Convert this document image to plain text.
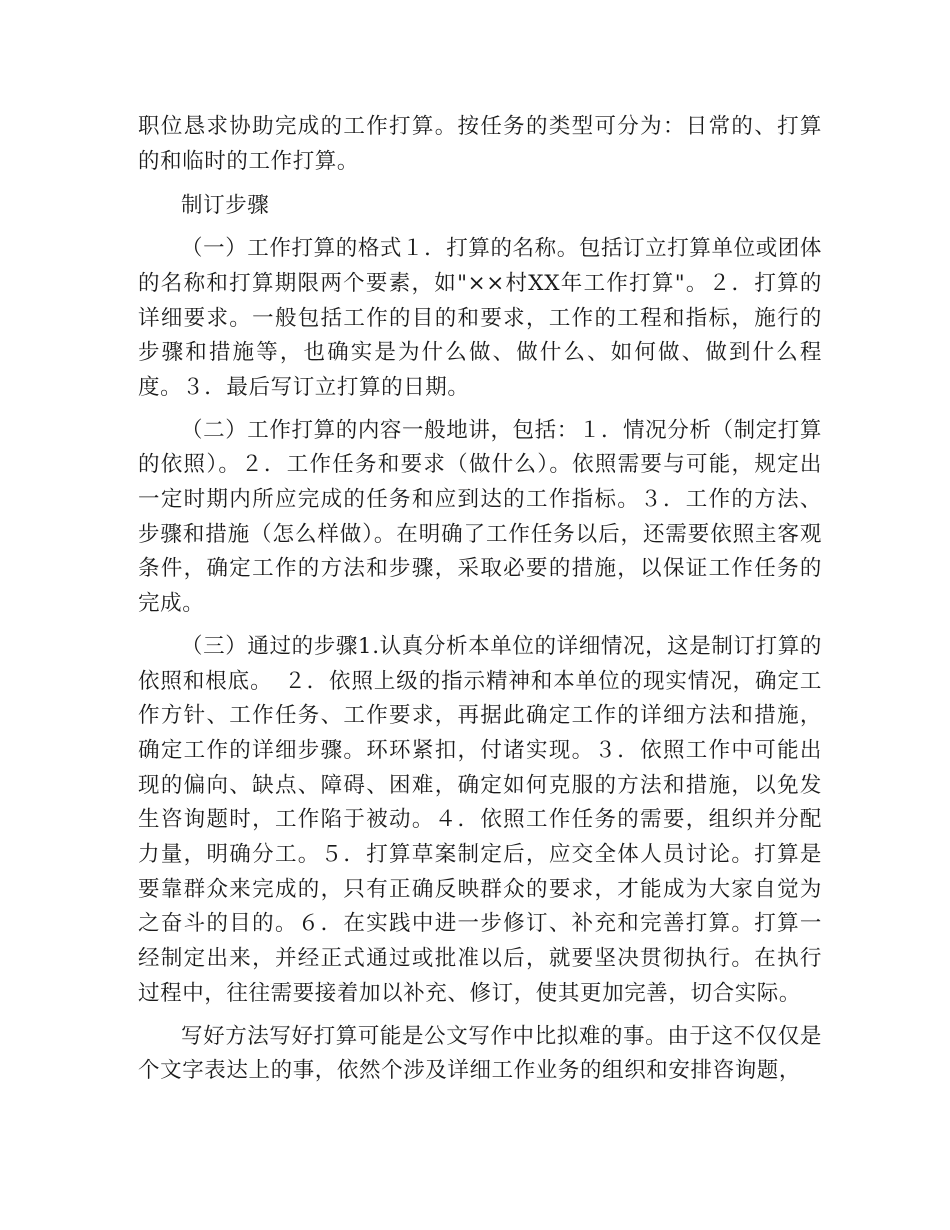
职位恳求协助完成的工作打算。按任务的类型可分为：日常的、打算的和临时的工作打算。

制订步骤

（一）工作打算的格式１．打算的名称。包括订立打算单位或团体的名称和打算期限两个要素，如"××村XX年工作打算"。２．打算的详细要求。一般包括工作的目的和要求，工作的工程和指标，施行的步骤和措施等，也确实是为什么做、做什么、如何做、做到什么程度。３．最后写订立打算的日期。

（二）工作打算的内容一般地讲，包括：１．情况分析（制定打算的依照）。２．工作任务和要求（做什么）。依照需要与可能，规定出一定时期内所应完成的任务和应到达的工作指标。３．工作的方法、步骤和措施（怎么样做）。在明确了工作任务以后，还需要依照主客观条件，确定工作的方法和步骤，采取必要的措施，以保证工作任务的完成。

（三）通过的步骤1.认真分析本单位的详细情况，这是制订打算的依照和根底。　２．依照上级的指示精神和本单位的现实情况，确定工作方针、工作任务、工作要求，再据此确定工作的详细方法和措施，确定工作的详细步骤。环环紧扣，付诸实现。３．依照工作中可能出现的偏向、缺点、障碍、困难，确定如何克服的方法和措施，以免发生咨询题时，工作陷于被动。４．依照工作任务的需要，组织并分配力量，明确分工。５．打算草案制定后，应交全体人员讨论。打算是要靠群众来完成的，只有正确反映群众的要求，才能成为大家自觉为之奋斗的目的。６．在实践中进一步修订、补充和完善打算。打算一经制定出来，并经正式通过或批准以后，就要坚决贯彻执行。在执行过程中，往往需要接着加以补充、修订，使其更加完善，切合实际。

写好方法写好打算可能是公文写作中比拟难的事。由于这不仅仅是个文字表达上的事，依然个涉及详细工作业务的组织和安排咨询题，
